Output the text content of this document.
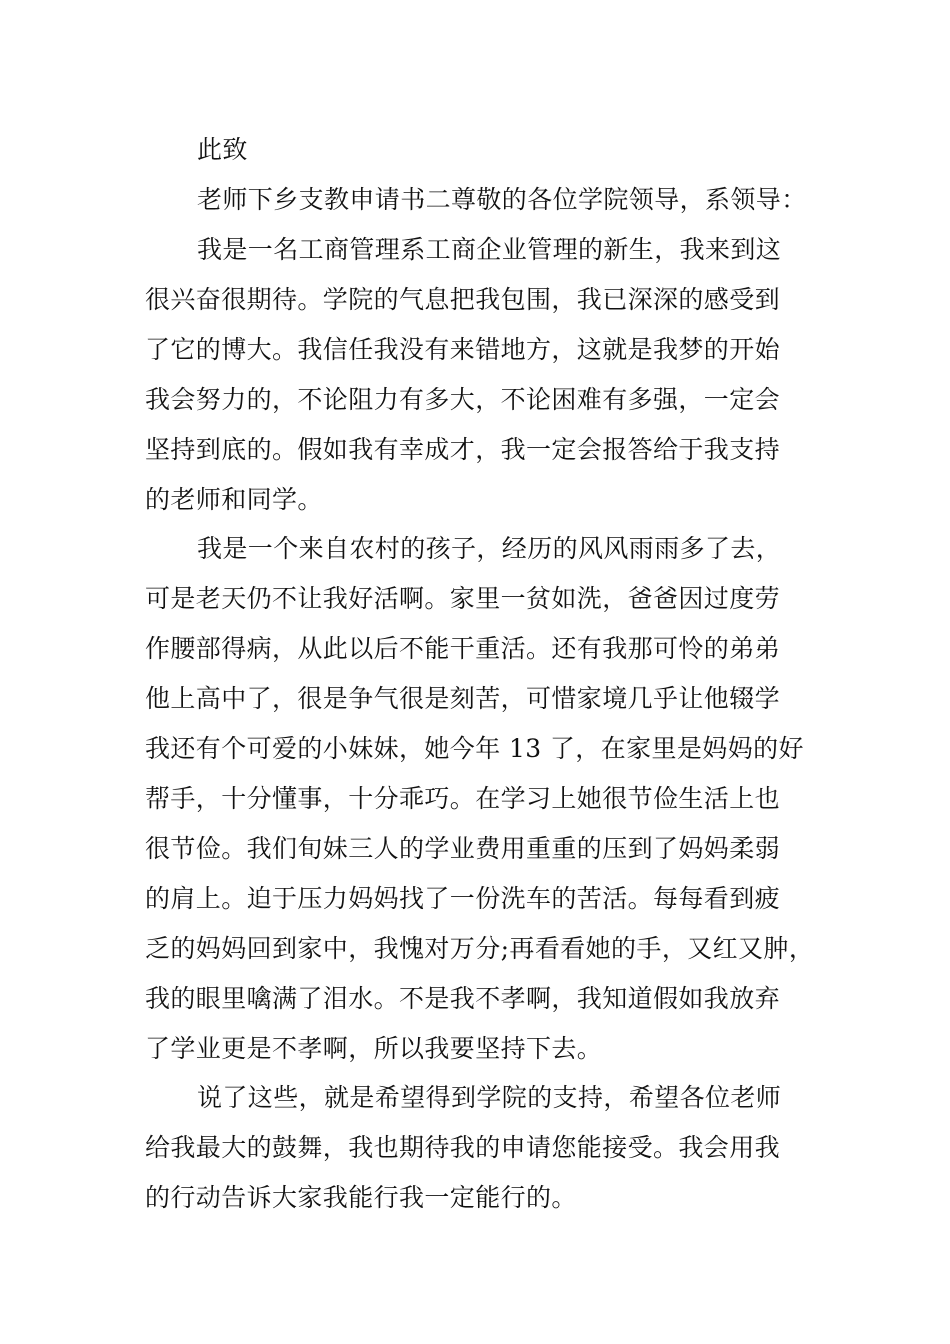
此致
老师下乡支教申请书二尊敬的各位学院领导，系领导：
我是一名工商管理系工商企业管理的新生，我来到这
很兴奋很期待。学院的气息把我包围，我已深深的感受到
了它的博大。我信任我没有来错地方，这就是我梦的开始
我会努力的，不论阻力有多大，不论困难有多强，一定会
坚持到底的。假如我有幸成才，我一定会报答给于我支持
的老师和同学。
我是一个来自农村的孩子，经历的风风雨雨多了去，
可是老天仍不让我好活啊。家里一贫如洗，爸爸因过度劳
作腰部得病，从此以后不能干重活。还有我那可怜的弟弟
他上高中了，很是争气很是刻苦，可惜家境几乎让他辍学
我还有个可爱的小妹妹，她今年 13 了，在家里是妈妈的好
帮手，十分懂事，十分乖巧。在学习上她很节俭生活上也
很节俭。我们旬妹三人的学业费用重重的压到了妈妈柔弱
的肩上。迫于压力妈妈找了一份洗车的苦活。每每看到疲
乏的妈妈回到家中，我愧对万分;再看看她的手，又红又肿，
我的眼里噙满了泪水。不是我不孝啊，我知道假如我放弃
了学业更是不孝啊，所以我要坚持下去。
说了这些，就是希望得到学院的支持，希望各位老师
给我最大的鼓舞，我也期待我的申请您能接受。我会用我
的行动告诉大家我能行我一定能行的。
